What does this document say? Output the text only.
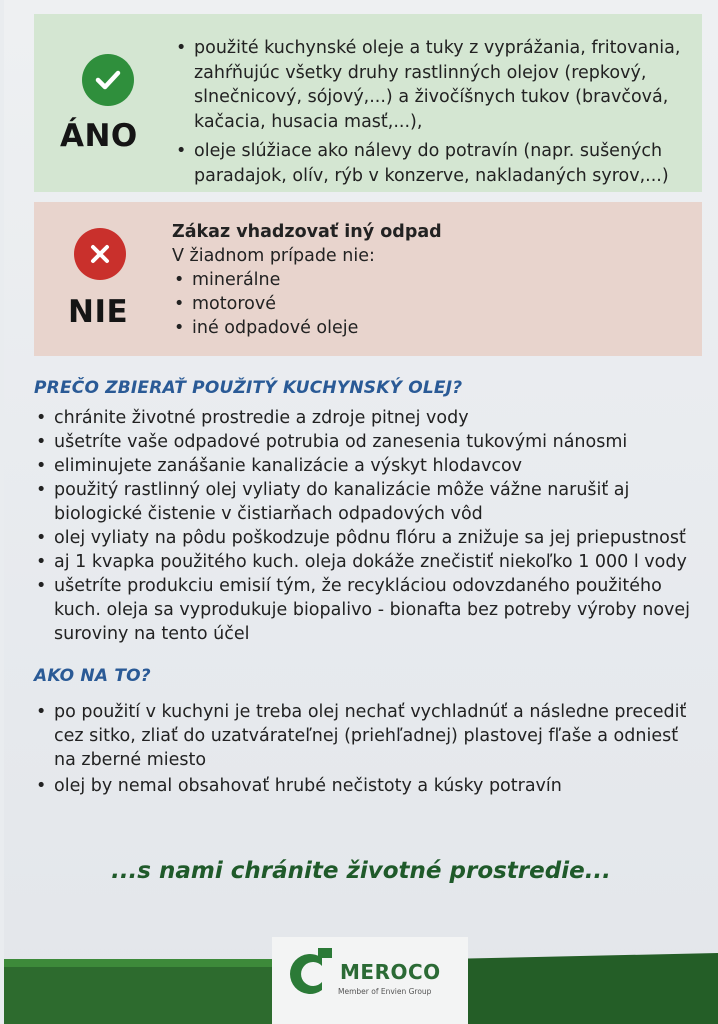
ÁNO
• použité kuchynské oleje a tuky z vyprážania, fritovania, zahŕňujúc všetky druhy rastlinných olejov (repkový, slnečnicový, sójový,...) a živočíšnych tukov (bravčová, kačacia, husacia masť,...),
• oleje slúžiace ako nálevy do potravín (napr. sušených paradajok, olív, rýb v konzerve, nakladaných syrov,...)
NIE
Zákaz vhadzovať iný odpad
V žiadnom prípade nie:
• minerálne
• motorové
• iné odpadové oleje
PREČO ZBIERAŤ POUŽITÝ KUCHYNSKÝ OLEJ?
• chránite životné prostredie a zdroje pitnej vody
• ušetríte vaše odpadové potrubia od zanesenia tukovými nánosmi
• eliminujete zanášanie kanalizácie a výskyt hlodavcov
• použitý rastlinný olej vyliaty do kanalizácie môže vážne narušiť aj biologické čistenie v čistiarňach odpadových vôd
• olej vyliaty na pôdu poškodzuje pôdnu flóru a znižuje sa jej priepustnosť
• aj 1 kvapka použitého kuch. oleja dokáže znečistiť niekoľko 1 000 l vody
• ušetríte produkciu emisií tým, že recykláciou odovzdaného použitého kuch. oleja sa vyprodukuje biopalivo - bionafta bez potreby výroby novej suroviny na tento účel
AKO NA TO?
• po použití v kuchyni je treba olej nechať vychladnúť a následne precediť cez sitko, zliať do uzatvárateľnej (priehľadnej) plastovej fľaše a odniesť na zberné miesto
• olej by nemal obsahovať hrubé nečistoty a kúsky potravín
...s nami chránite životné prostredie...
MEROCO
Member of Envien Group
